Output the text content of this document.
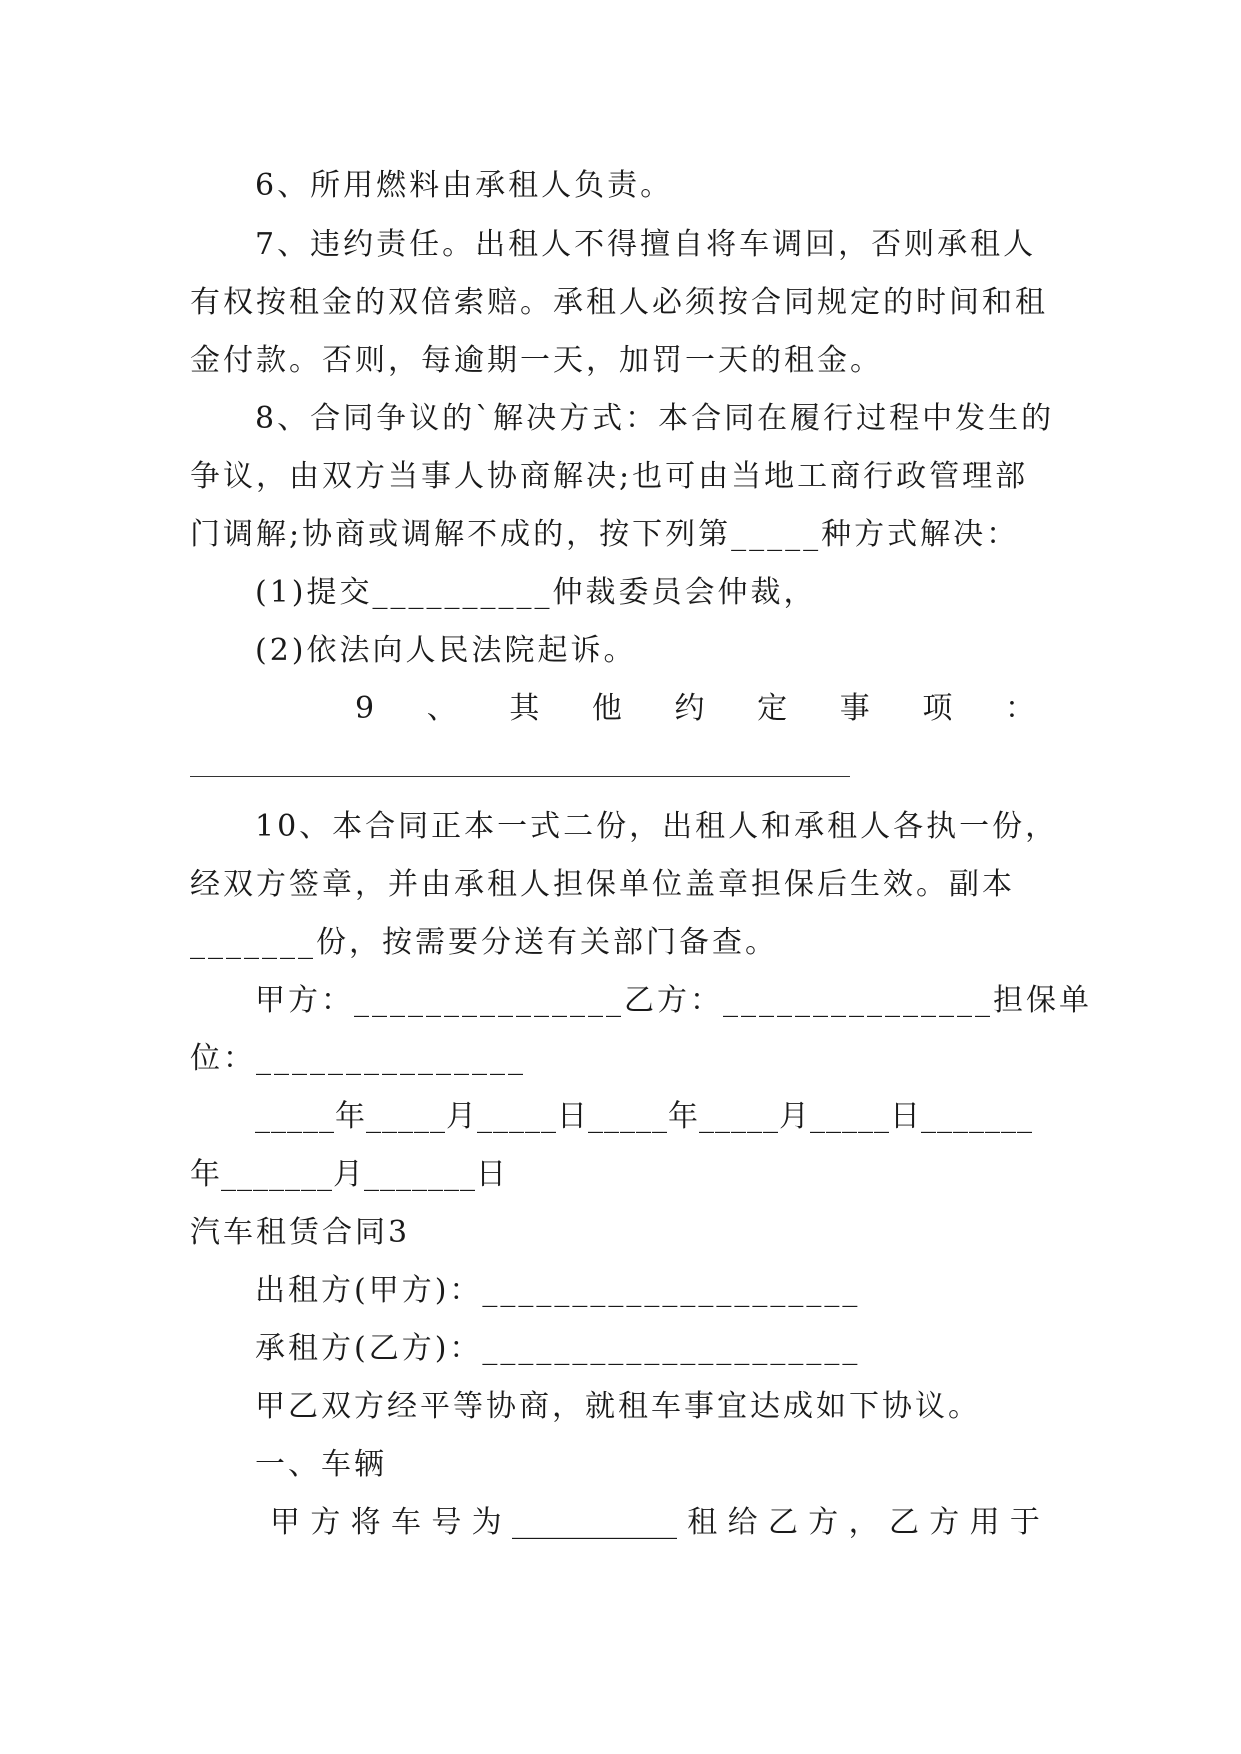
6、所用燃料由承租人负责。
7、违约责任。出租人不得擅自将车调回，否则承租人
有权按租金的双倍索赔。承租人必须按合同规定的时间和租
金付款。否则，每逾期一天，加罚一天的租金。
8、合同争议的`解决方式：本合同在履行过程中发生的
争议，由双方当事人协商解决;也可由当地工商行政管理部
门调解;协商或调解不成的，按下列第_____种方式解决：
(1)提交__________仲裁委员会仲裁，
(2)依法向人民法院起诉。
9 、 其 他 约 定 事 项 ：
10、本合同正本一式二份，出租人和承租人各执一份，
经双方签章，并由承租人担保单位盖章担保后生效。副本
_______份，按需要分送有关部门备查。
甲方：_______________乙方：_______________担保单
位：_______________
_____年_____月_____日_____年_____月_____日_______
年_______月_______日
汽车租赁合同3
出租方(甲方)：_____________________
承租方(乙方)：_____________________
甲乙双方经平等协商，就租车事宜达成如下协议。
一、车辆
甲 方 将 车 号 为 ___________ 租 给 乙 方 ， 乙 方 用 于
